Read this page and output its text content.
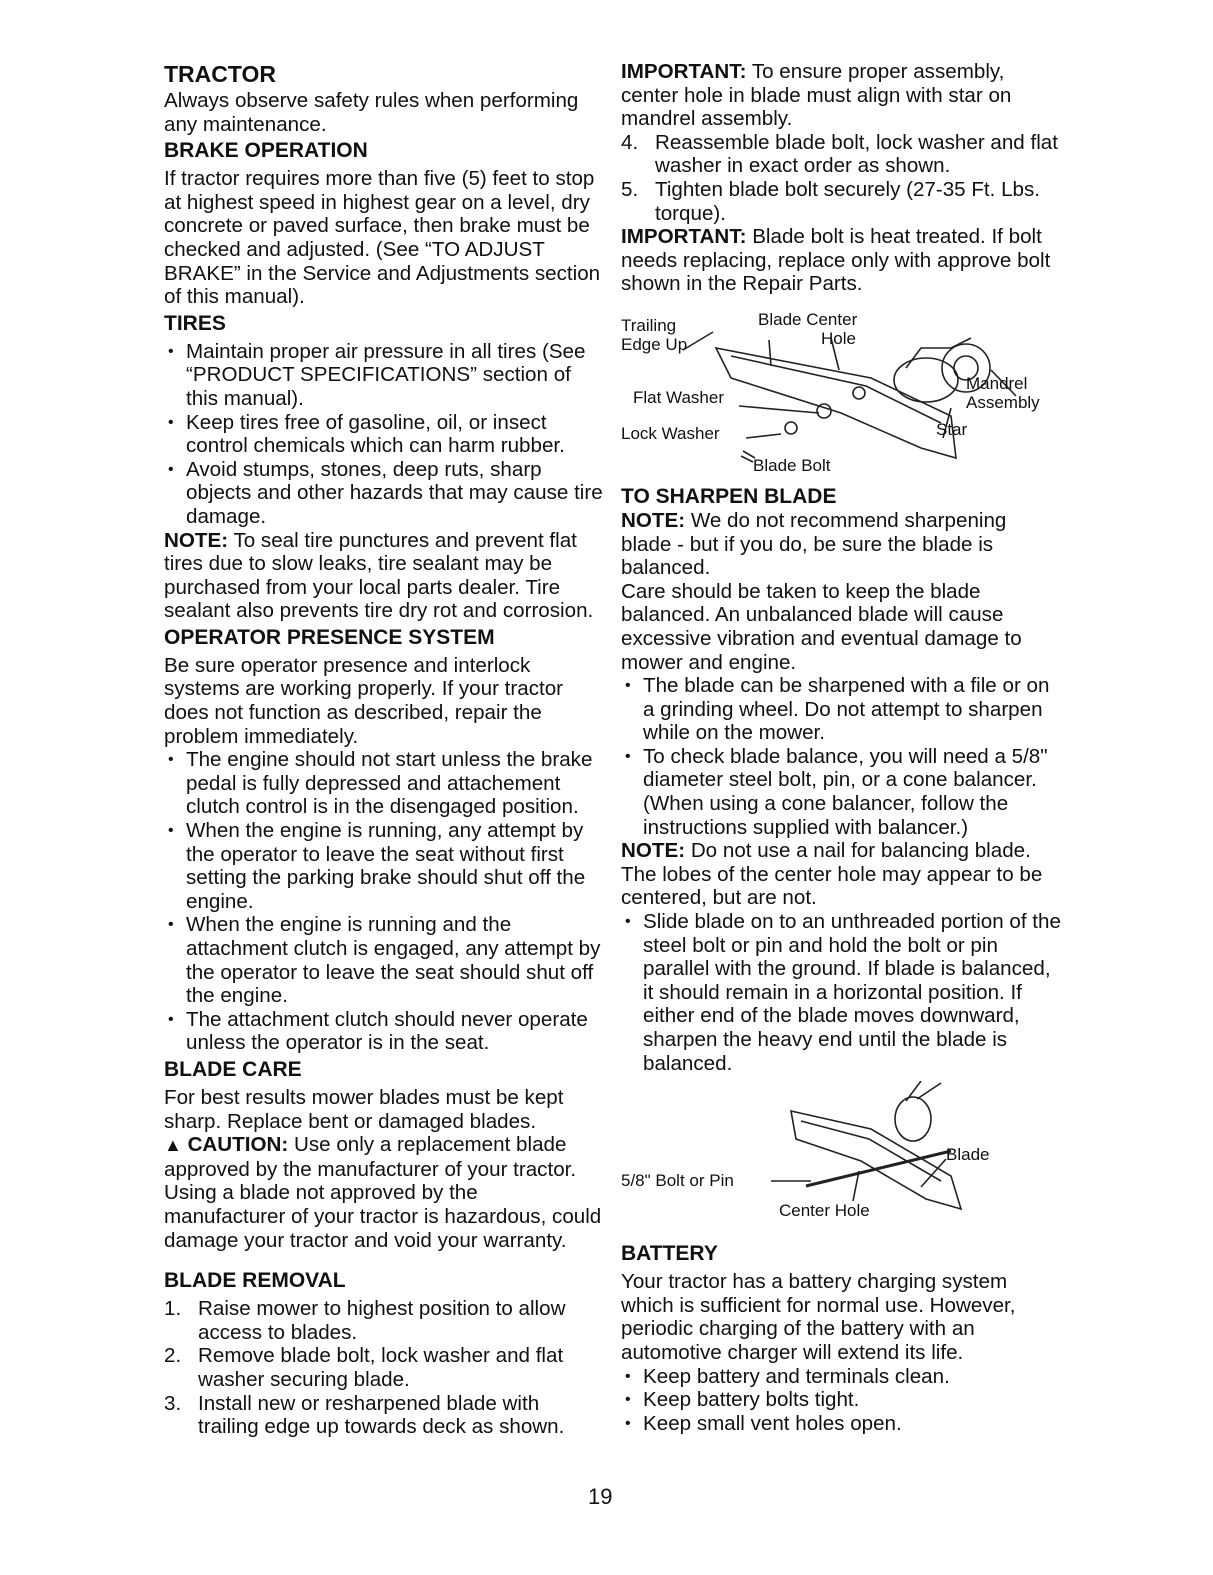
TRACTOR

Always observe safety rules when performing any maintenance.

BRAKE OPERATION

If tractor requires more than five (5) feet to stop at highest speed in highest gear on a level, dry concrete or paved surface, then brake must be checked and adjusted. (See “TO ADJUST BRAKE” in the Service and Adjustments section of this manual).

TIRES
• Maintain proper air pressure in all tires (See “PRODUCT SPECIFICATIONS” section of this manual).
• Keep tires free of gasoline, oil, or insect control chemicals which can harm rubber.
• Avoid stumps, stones, deep ruts, sharp objects and other hazards that may cause tire damage.

NOTE: To seal tire punctures and prevent flat tires due to slow leaks, tire sealant may be purchased from your local parts dealer. Tire sealant also prevents tire dry rot and corrosion.

OPERATOR PRESENCE SYSTEM

Be sure operator presence and interlock systems are working properly. If your tractor does not function as described, repair the problem immediately.

• The engine should not start unless the brake pedal is fully depressed and attachement clutch control is in the disengaged position.
• When the engine is running, any attempt by the operator to leave the seat without first setting the parking brake should shut off the engine.
• When the engine is running and the attachment clutch is engaged, any attempt by the operator to leave the seat should shut off the engine.
• The attachment clutch should never operate unless the operator is in the seat.
BLADE CARE

For best results mower blades must be kept sharp. Replace bent or damaged blades.

▲ CAUTION: Use only a replacement blade approved by the manufacturer of your tractor. Using a blade not approved by the manufacturer of your tractor is hazardous, could damage your tractor and void your warranty.

BLADE REMOVAL
1. Raise mower to highest position to allow access to blades.
2. Remove blade bolt, lock washer and flat washer securing blade.
3. Install new or resharpened blade with trailing edge up towards deck as shown.

IMPORTANT: To ensure proper assembly, center hole in blade must align with star on mandrel assembly.

4. Reassemble blade bolt, lock washer and flat washer in exact order as shown.
5. Tighten blade bolt securely (27-35 Ft. Lbs. torque).

IMPORTANT: Blade bolt is heat treated. If bolt needs replacing, replace only with approve bolt shown in the Repair Parts.

Trailing
Edge Up
Blade Center
Hole
Mandrel
Assembly
Flat Washer
Lock Washer	Star
Blade Bolt
TO SHARPEN BLADE

NOTE: We do not recommend sharpening blade - but if you do, be sure the blade is balanced.

Care should be taken to keep the blade balanced. An unbalanced blade will cause excessive vibration and eventual damage to mower and engine.

• The blade can be sharpened with a file or on a grinding wheel. Do not attempt to sharpen while on the mower.
• To check blade balance, you will need a 5/8" diameter steel bolt, pin, or a cone balancer. (When using a cone balancer, follow the instructions supplied with balancer.)

NOTE: Do not use a nail for balancing blade. The lobes of the center hole may appear to be centered, but are not.

• Slide blade on to an unthreaded portion of the steel bolt or pin and hold the bolt or pin parallel with the ground. If blade is balanced, it should remain in a horizontal position. If either end of the blade moves downward, sharpen the heavy end until the blade is balanced.
5/8" Bolt or Pin
Blade
Center Hole
BATTERY

Your tractor has a battery charging system which is sufficient for normal use. However, periodic charging of the battery with an automotive charger will extend its life.

• Keep battery and terminals clean.
• Keep battery bolts tight.
• Keep small vent holes open.
19
